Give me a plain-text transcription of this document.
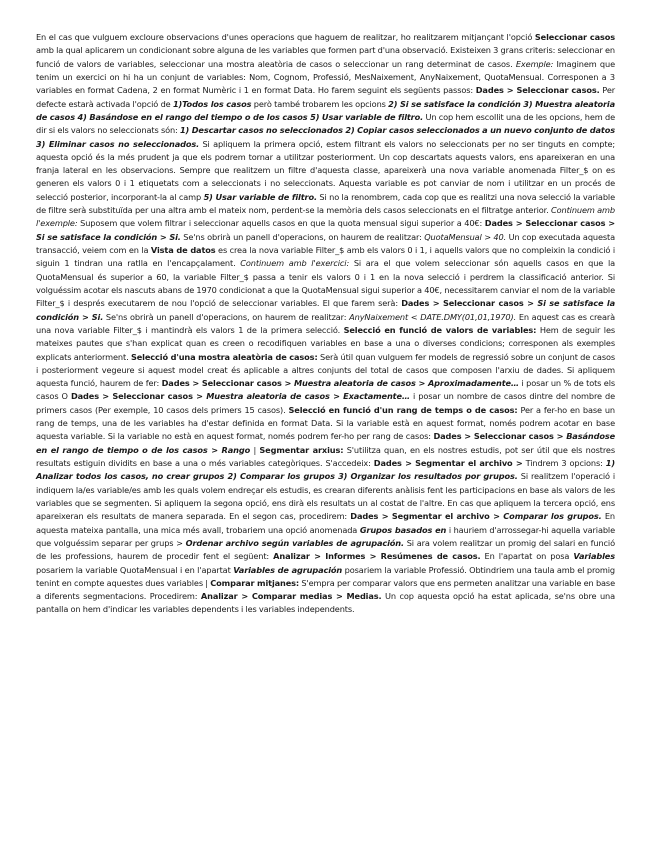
En el cas que vulguem excloure observacions d'unes operacions que haguem de realitzar, ho realitzarem mitjançant l'opció Seleccionar casos amb la qual aplicarem un condicionant sobre alguna de les variables que formen part d'una observació. Existeixen 3 grans criteris: seleccionar en funció de valors de variables, seleccionar una mostra aleatòria de casos o seleccionar un rang determinat de casos. Exemple: Imaginem que tenim un exercici on hi ha un conjunt de variables: Nom, Cognom, Professió, MesNaixement, AnyNaixement, QuotaMensual. Corresponen a 3 variables en format Cadena, 2 en format Numèric i 1 en format Data. Ho farem seguint els següents passos: Dades > Seleccionar casos. Per defecte estarà activada l'opció de 1)Todos los casos però també trobarem les opcions 2) Si se satisface la condición 3) Muestra aleatoria de casos 4) Basándose en el rango del tiempo o de los casos 5) Usar variable de filtro. Un cop hem escollit una de les opcions, hem de dir si els valors no seleccionats són: 1) Descartar casos no seleccionados 2) Copiar casos seleccionados a un nuevo conjunto de datos 3) Eliminar casos no seleccionados. Si apliquem la primera opció, estem filtrant els valors no seleccionats per no ser tinguts en compte; aquesta opció és la més prudent ja que els podrem tornar a utilitzar posteriorment. Un cop descartats aquests valors, ens apareixeran en una franja lateral en les observacions. Sempre que realitzem un filtre d'aquesta classe, apareixerà una nova variable anomenada Filter_$ on es generen els valors 0 i 1 etiquetats com a seleccionats i no seleccionats. Aquesta variable es pot canviar de nom i utilitzar en un procés de selecció posterior, incorporant-la al camp 5) Usar variable de filtro. Si no la renombrem, cada cop que es realitzi una nova selecció la variable de filtre serà substituïda per una altra amb el mateix nom, perdent-se la memòria dels casos seleccionats en el filtratge anterior. Continuem amb l'exemple: Suposem que volem filtrar i seleccionar aquells casos en que la quota mensual sigui superior a 40€: Dades > Seleccionar casos > Si se satisface la condición > Si. Se'ns obrirà un panell d'operacions, on haurem de realitzar: QuotaMensual > 40. Un cop executada aquesta transacció, veiem com en la Vista de datos es crea la nova variable Filter_$ amb els valors 0 i 1, i aquells valors que no compleixin la condició i siguin 1 tindran una ratlla en l'encapçalament. Continuem amb l'exercici: Si ara el que volem seleccionar són aquells casos en que la QuotaMensual és superior a 60, la variable Filter_$ passa a tenir els valors 0 i 1 en la nova selecció i perdrem la classificació anterior. Si volguéssim acotar els nascuts abans de 1970 condicionat a que la QuotaMensual sigui superior a 40€, necessitarem canviar el nom de la variable Filter_$ i després executarem de nou l'opció de seleccionar variables. El que farem serà: Dades > Seleccionar casos > Si se satisface la condición > Si. Se'ns obrirà un panell d'operacions, on haurem de realitzar: AnyNaixement < DATE.DMY(01,01,1970). En aquest cas es crearà una nova variable Filter_$ i mantindrà els valors 1 de la primera selecció. Selecció en funció de valors de variables: Hem de seguir les mateixes pautes que s'han explicat quan es creen o recodifiquen variables en base a una o diverses condicions; corresponen als exemples explicats anteriorment. Selecció d'una mostra aleatòria de casos: Serà útil quan vulguem fer models de regressió sobre un conjunt de casos i posteriorment vegeure si aquest model creat és aplicable a altres conjunts del total de casos que composen l'arxiu de dades. Si apliquem aquesta funció, haurem de fer: Dades > Seleccionar casos > Muestra aleatoria de casos > Aproximadamente… i posar un % de tots els casos O Dades > Seleccionar casos > Muestra aleatoria de casos > Exactamente… i posar un nombre de casos dintre del nombre de primers casos (Per exemple, 10 casos dels primers 15 casos). Selecció en funció d'un rang de temps o de casos: Per a fer-ho en base un rang de temps, una de les variables ha d'estar definida en format Data. Si la variable està en aquest format, només podrem acotar en base aquesta variable. Si la variable no està en aquest format, només podrem fer-ho per rang de casos: Dades > Seleccionar casos > Basándose en el rango de tiempo o de los casos > Rango | Segmentar arxius: S'utilitza quan, en els nostres estudis, pot ser útil que els nostres resultats estiguin dividits en base a una o més variables categòriques. S'accedeix: Dades > Segmentar el archivo > Tindrem 3 opcions: 1) Analizar todos los casos, no crear grupos 2) Comparar los grupos 3) Organizar los resultados por grupos. Si realitzem l'operació i indiquem la/es variable/es amb les quals volem endreçar els estudis, es crearan diferents anàlisis fent les participacions en base als valors de les variables que se segmenten. Si apliquem la segona opció, ens dirà els resultats un al costat de l'altre. En cas que apliquem la tercera opció, ens apareixeran els resultats de manera separada. En el segon cas, procedirem: Dades > Segmentar el archivo > Comparar los grupos. En aquesta mateixa pantalla, una mica més avall, trobariem una opció anomenada Grupos basados en i hauriem d'arrossegar-hi aquella variable que volguéssim separar per grups > Ordenar archivo según variables de agrupación. Si ara volem realitzar un promig del salari en funció de les professions, haurem de procedir fent el següent: Analizar > Informes > Resúmenes de casos. En l'apartat on posa Variables posariem la variable QuotaMensual i en l'apartat Variables de agrupación posariem la variable Professió. Obtindriem una taula amb el promig tenint en compte aquestes dues variables | Comparar mitjanes: S'empra per comparar valors que ens permeten analitzar una variable en base a diferents segmentacions. Procedirem: Analizar > Comparar medias > Medias. Un cop aquesta opció ha estat aplicada, se'ns obre una pantalla on hem d'indicar les variables dependents i les variables independents.
